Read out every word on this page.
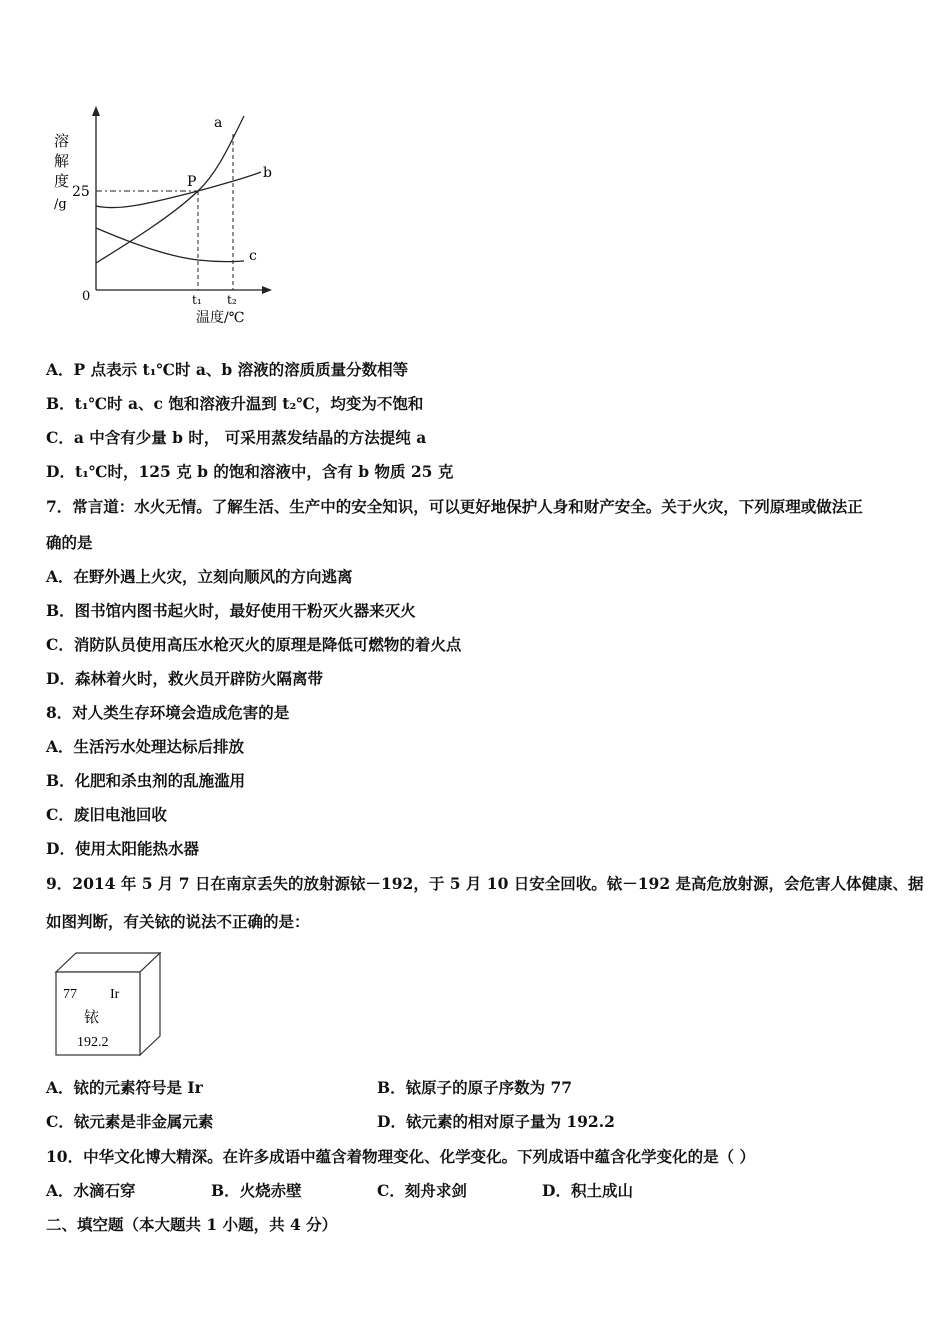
溶
解
度
/g
25
0	t₁ t₂
温度/℃
P
a
b
c
A．P 点表示 t₁℃时 a、b 溶液的溶质质量分数相等
B．t₁℃时 a、c 饱和溶液升温到 t₂℃，均变为不饱和
C．a 中含有少量 b 时， 可采用蒸发结晶的方法提纯 a
D．t₁℃时，125 克 b 的饱和溶液中，含有 b 物质 25 克
7．常言道：水火无情。了解生活、生产中的安全知识，可以更好地保护人身和财产安全。关于火灾，下列原理或做法正
确的是
A．在野外遇上火灾，立刻向顺风的方向逃离
B．图书馆内图书起火时，最好使用干粉灭火器来灭火
C．消防队员使用高压水枪灭火的原理是降低可燃物的着火点
D．森林着火时，救火员开辟防火隔离带
8．对人类生存环境会造成危害的是
A．生活污水处理达标后排放
B．化肥和杀虫剂的乱施滥用
C．废旧电池回收
D．使用太阳能热水器
9．2014 年 5 月 7 日在南京丢失的放射源铱－192，于 5 月 10 日安全回收。铱－192 是高危放射源，会危害人体健康、据
如图判断，有关铱的说法不正确的是：
77 Ir
铱
192.2
A．铱的元素符号是 Ir	B．铱原子的原子序数为 77
C．铱元素是非金属元素	D．铱元素的相对原子量为 192.2
10．中华文化博大精深。在许多成语中蕴含着物理变化、化学变化。下列成语中蕴含化学变化的是（ ）
A．水滴石穿	B．火烧赤壁	C．刻舟求剑	D．积土成山
二、填空题（本大题共 1 小题，共 4 分）
